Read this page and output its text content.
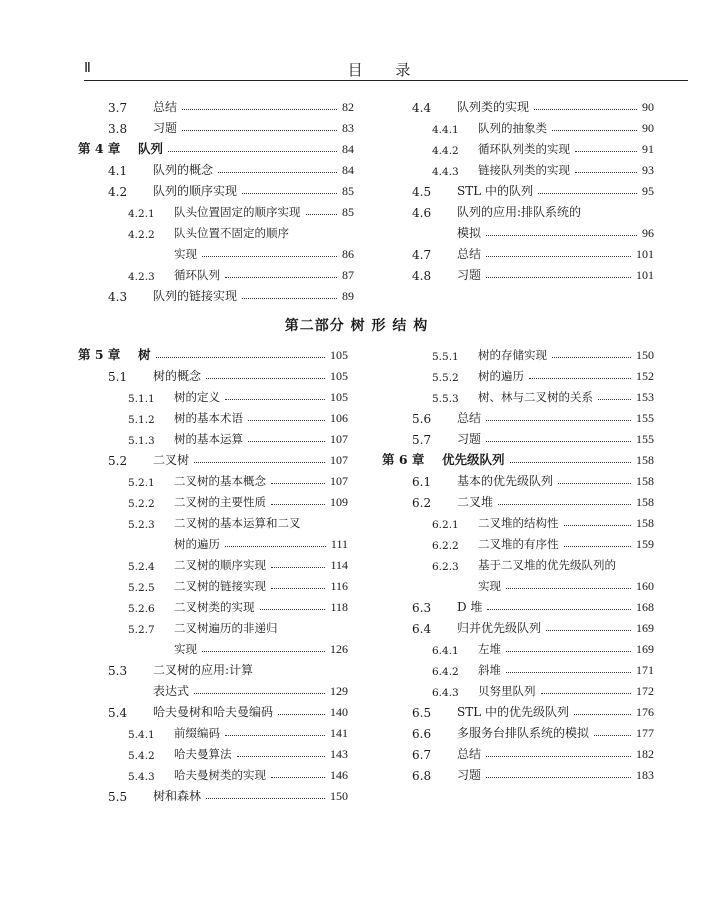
Ⅱ	目 录
3.7	总结	82
3.8	习题	83
第 4 章	队列	84
4.1	队列的概念	84
4.2	队列的顺序实现	85
4.2.1	队头位置固定的顺序实现	85
4.2.2	队头位置不固定的顺序
实现	86
4.2.3	循环队列	87
4.3	队列的链接实现	89
4.4	队列类的实现	90
4.4.1	队列的抽象类	90
4.4.2	循环队列类的实现	91
4.4.3	链接队列类的实现	93
4.5	STL 中的队列	95
4.6	队列的应用:排队系统的
模拟	96
4.7	总结	101
4.8	习题	101
第二部分 树 形 结 构
第 5 章	树	105
5.1	树的概念	105
5.1.1	树的定义	105
5.1.2	树的基本术语	106
5.1.3	树的基本运算	107
5.2	二叉树	107
5.2.1	二叉树的基本概念	107
5.2.2	二叉树的主要性质	109
5.2.3	二叉树的基本运算和二叉
树的遍历	111
5.2.4	二叉树的顺序实现	114
5.2.5	二叉树的链接实现	116
5.2.6	二叉树类的实现	118
5.2.7	二叉树遍历的非递归
实现	126
5.3	二叉树的应用:计算
表达式	129
5.4	哈夫曼树和哈夫曼编码	140
5.4.1	前缀编码	141
5.4.2	哈夫曼算法	143
5.4.3	哈夫曼树类的实现	146
5.5	树和森林	150
5.5.1	树的存储实现	150
5.5.2	树的遍历	152
5.5.3	树、林与二叉树的关系	153
5.6	总结	155
5.7	习题	155
第 6 章	优先级队列	158
6.1	基本的优先级队列	158
6.2	二叉堆	158
6.2.1	二叉堆的结构性	158
6.2.2	二叉堆的有序性	159
6.2.3	基于二叉堆的优先级队列的
实现	160
6.3	D 堆	168
6.4	归并优先级队列	169
6.4.1	左堆	169
6.4.2	斜堆	171
6.4.3	贝努里队列	172
6.5	STL 中的优先级队列	176
6.6	多服务台排队系统的模拟	177
6.7	总结	182
6.8	习题	183
